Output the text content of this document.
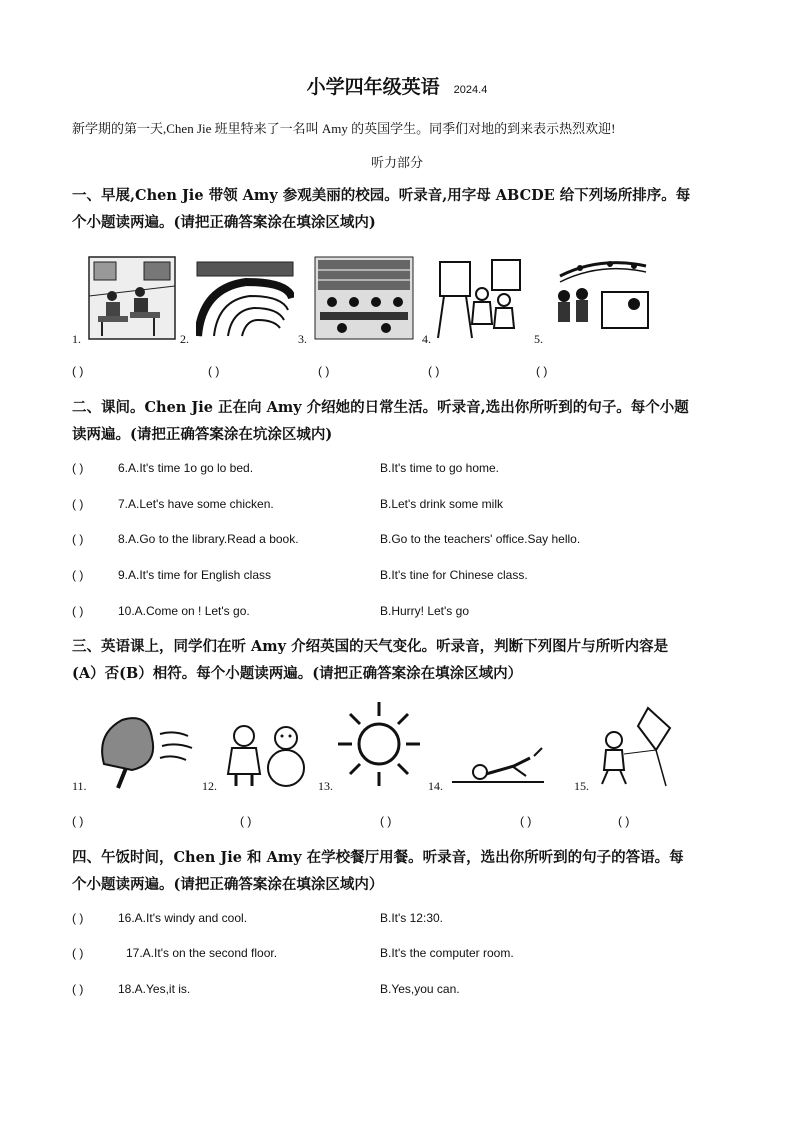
小学四年级英语 2024.4
新学期的第一天,Chen Jie 班里特来了一名叫 Amy 的英国学生。同季们对地的到来表示热烈欢迎!
听力部分
一、早展,Chen Jie 带领 Amy 参观美丽的校园。听录音,用字母 ABCDE 给下列场所排序。每
个小题读两遍。(请把正确答案涂在填涂区域内)
1.	2.	3.	4.	5.
( )	( )	( )	( )	( )
二、课间。Chen Jie 正在向 Amy 介绍她的日常生活。听录音,选出你所听到的句子。每个小题
读两遍。(请把正确答案涂在坑涂区城内)
( )	6.A.It's time 1o go lo bed.	B.It's time to go home.
( )	7.A.Let's have some chicken.	B.Let's drink some milk
( )	8.A.Go to the library.Read a book.	B.Go to the teachers' office.Say hello.
( )	9.A.It's time for English class	B.It's tine for Chinese class.
( )	10.A.Come on ! Let's go.	B.Hurry! Let's go
三、英语课上，同学们在听 Amy 介绍英国的天气变化。听录音，判断下列图片与所听内容是
(A）否(B）相符。每个小题读两遍。(请把正确答案涂在填涂区域内）
11.	12.	13.	14.	15.
( )	( )	( )	( )	( )
四、午饭时间，Chen Jie 和 Amy 在学校餐厅用餐。听录音，选出你所听到的句子的答语。每
个小题读两遍。(请把正确答案涂在填涂区域内）
( )	16.A.It's windy and cool.	B.It's 12:30.
( )	17.A.It's on the second floor.	B.It's the computer room.
( )	18.A.Yes,it is.	B.Yes,you can.
